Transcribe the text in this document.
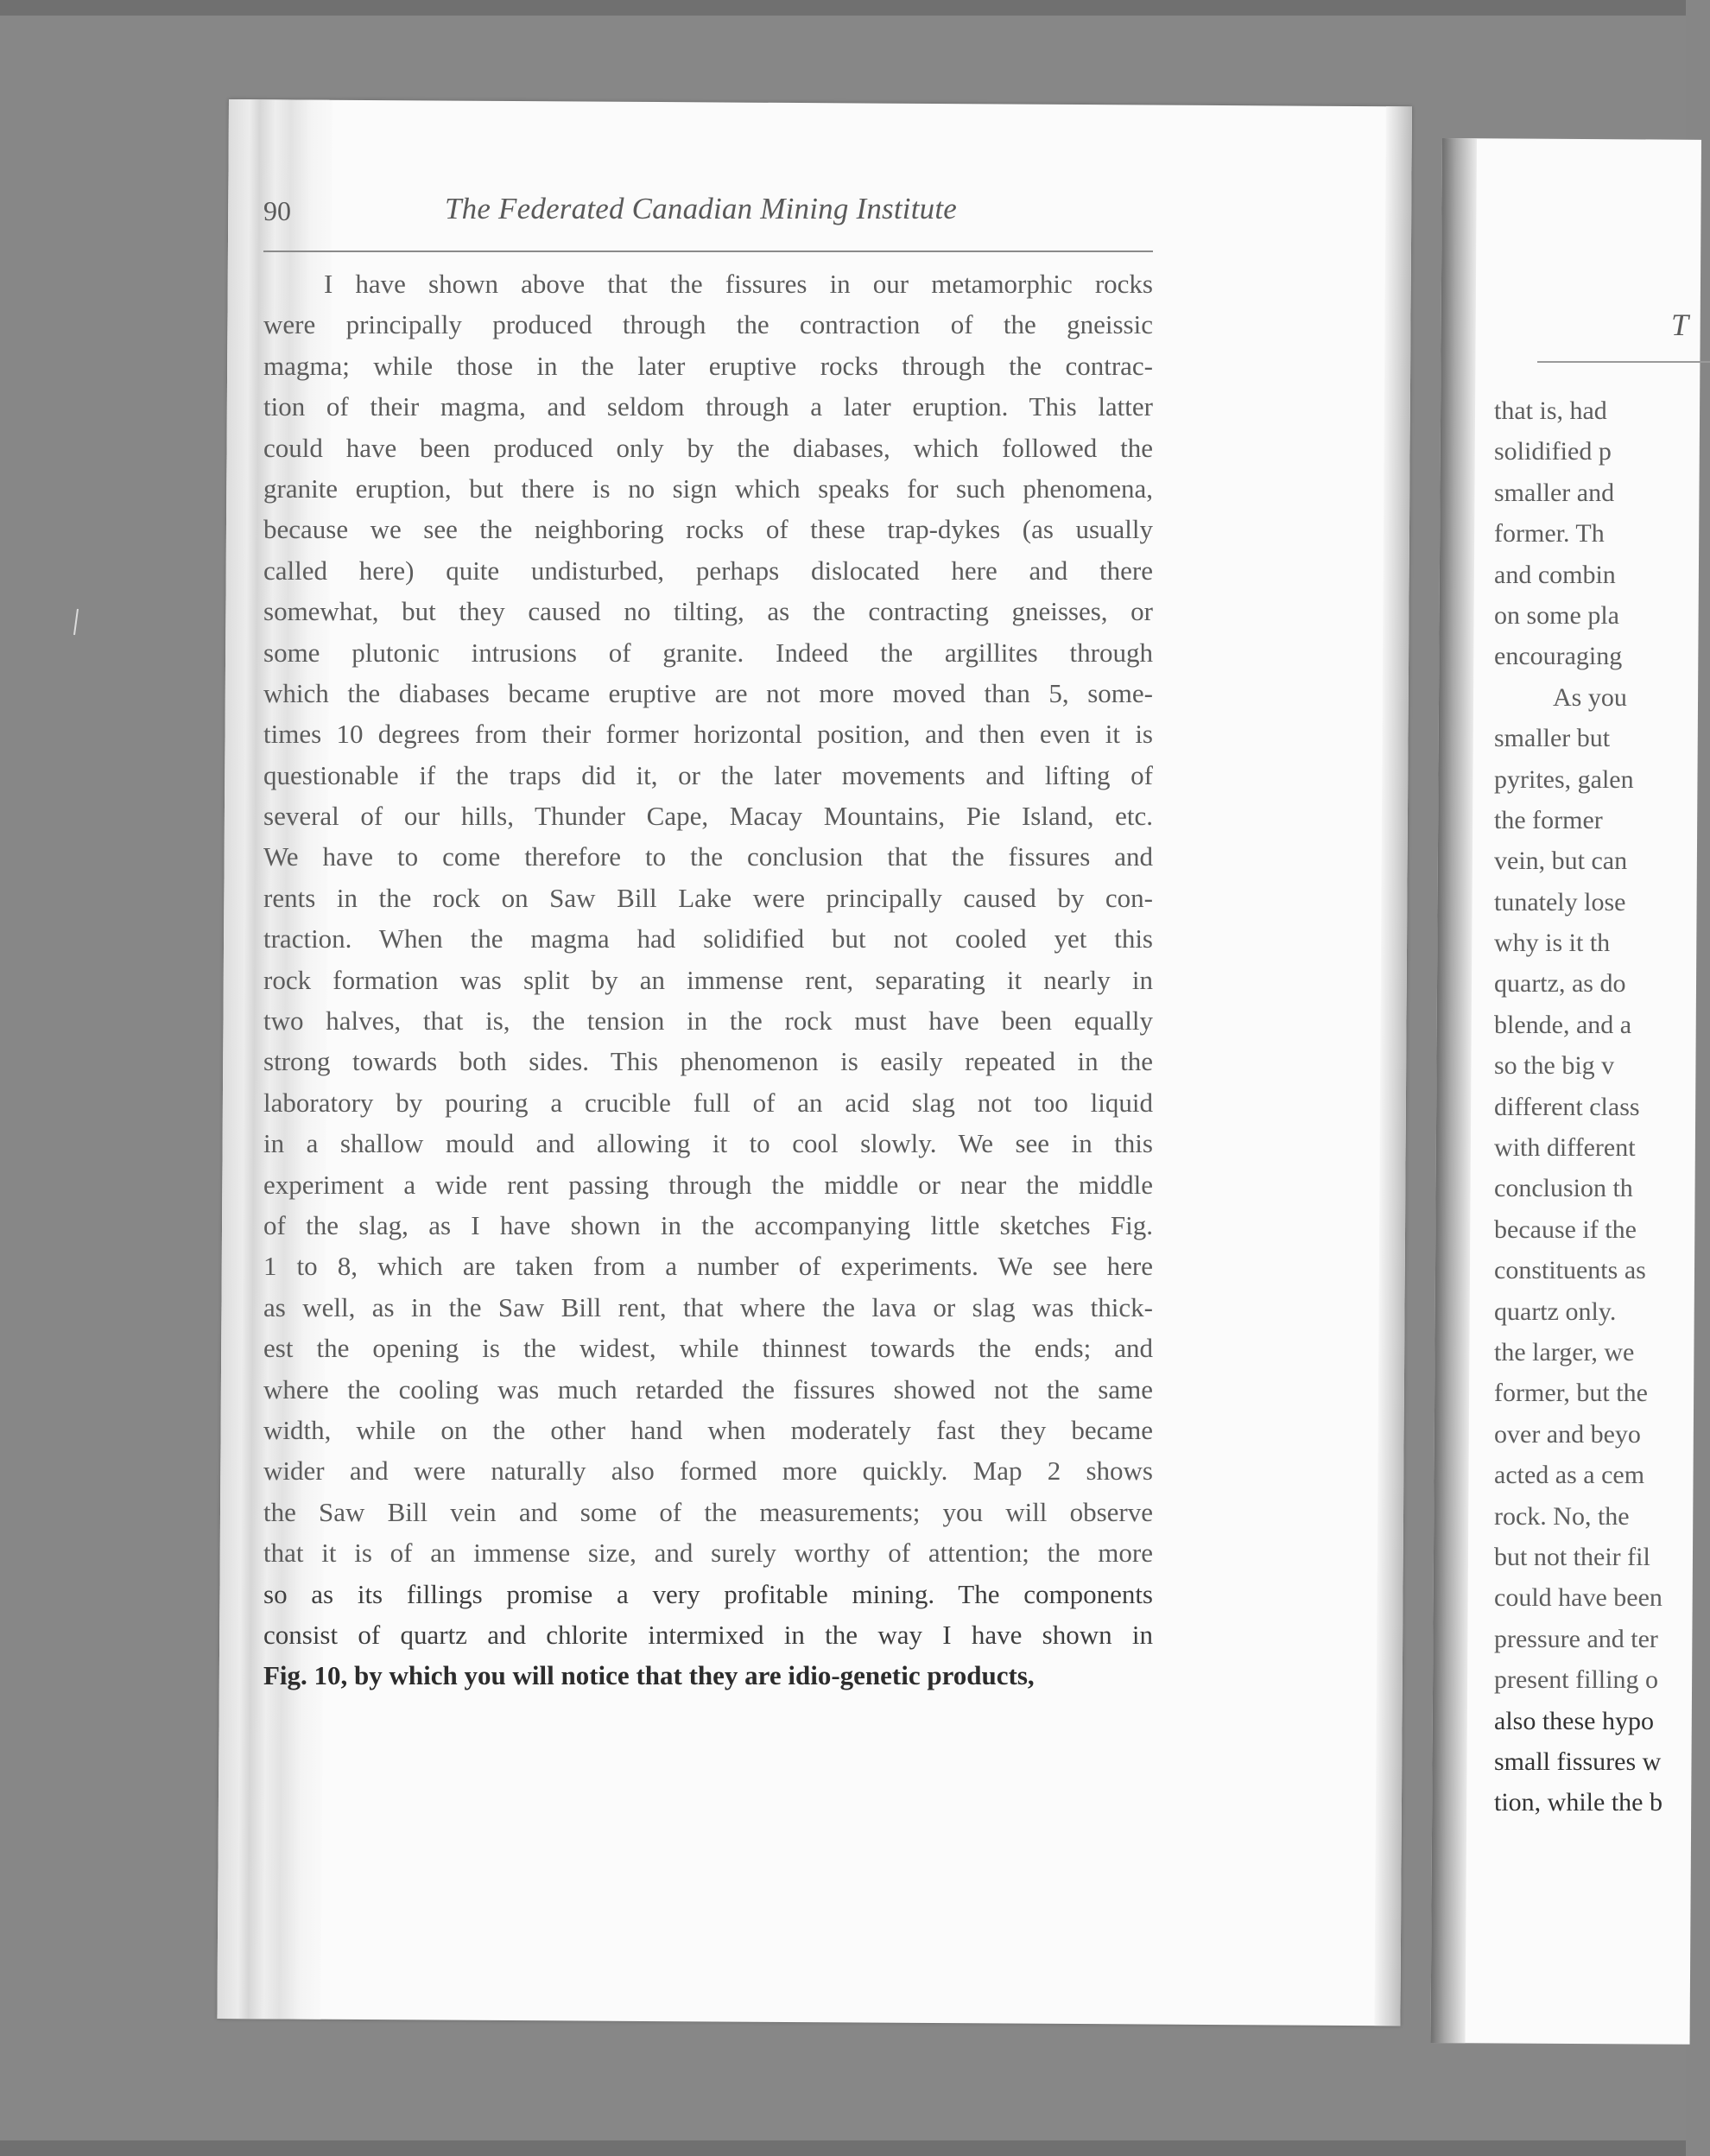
90	The Federated Canadian Mining Institute
I have shown above that the fissures in our metamorphic rocks
were principally produced through the contraction of the gneissic
magma; while those in the later eruptive rocks through the contrac-
tion of their magma, and seldom through a later eruption. This latter
could have been produced only by the diabases, which followed the
granite eruption, but there is no sign which speaks for such phenomena,
because we see the neighboring rocks of these trap-dykes (as usually
called here) quite undisturbed, perhaps dislocated here and there
somewhat, but they caused no tilting, as the contracting gneisses, or
some plutonic intrusions of granite. Indeed the argillites through
which the diabases became eruptive are not more moved than 5, some-
times 10 degrees from their former horizontal position, and then even it is
questionable if the traps did it, or the later movements and lifting of
several of our hills, Thunder Cape, Macay Mountains, Pie Island, etc.
We have to come therefore to the conclusion that the fissures and
rents in the rock on Saw Bill Lake were principally caused by con-
traction. When the magma had solidified but not cooled yet this
rock formation was split by an immense rent, separating it nearly in
two halves, that is, the tension in the rock must have been equally
strong towards both sides. This phenomenon is easily repeated in the
laboratory by pouring a crucible full of an acid slag not too liquid
in a shallow mould and allowing it to cool slowly. We see in this
experiment a wide rent passing through the middle or near the middle
of the slag, as I have shown in the accompanying little sketches Fig.
1 to 8, which are taken from a number of experiments. We see here
as well, as in the Saw Bill rent, that where the lava or slag was thick-
est the opening is the widest, while thinnest towards the ends; and
where the cooling was much retarded the fissures showed not the same
width, while on the other hand when moderately fast they became
wider and were naturally also formed more quickly. Map 2 shows
the Saw Bill vein and some of the measurements; you will observe
that it is of an immense size, and surely worthy of attention; the more
so as its fillings promise a very profitable mining. The components
consist of quartz and chlorite intermixed in the way I have shown in
Fig. 10, by which you will notice that they are idio-genetic products,
T
that is, had
solidified p
smaller and
former. Th
and combin
on some pla
encouraging
As you
smaller but
pyrites, galen
the former
vein, but can
tunately lose
why is it th
quartz, as do
blende, and a
so the big v
different class
with different
conclusion th
because if the
constituents as
quartz only.
the larger, we
former, but the
over and beyo
acted as a cem
rock. No, the
but not their fil
could have been
pressure and ter
present filling o
also these hypo
small fissures w
tion, while the b
